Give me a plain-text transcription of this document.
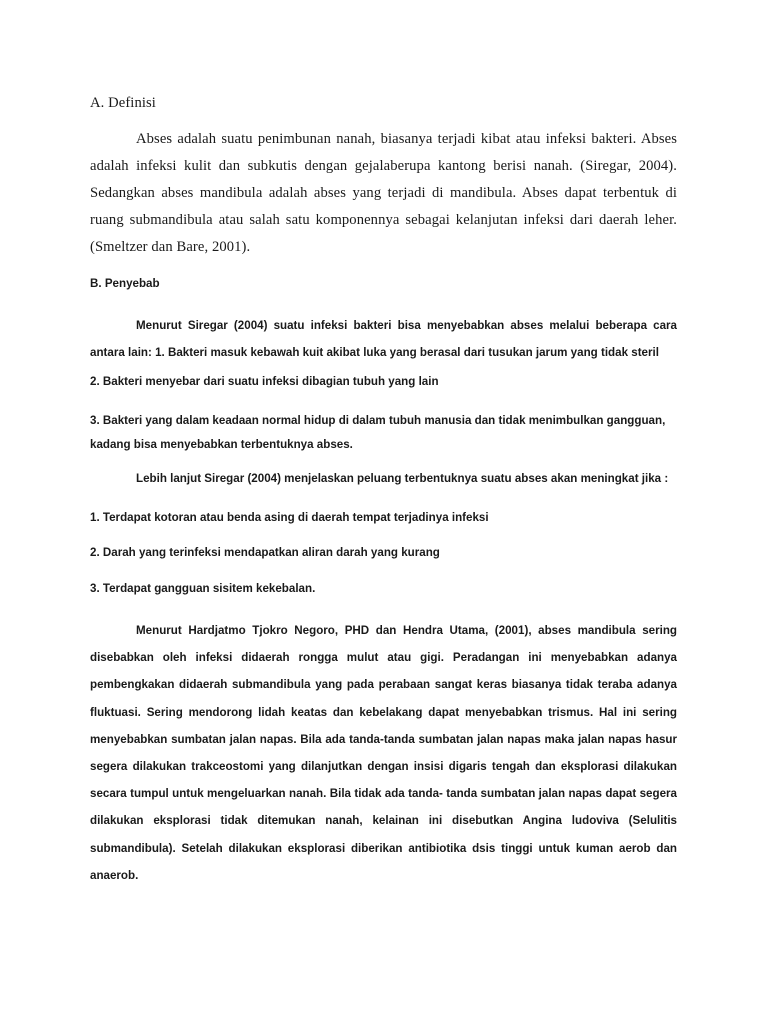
A. Definisi

Abses adalah suatu penimbunan nanah, biasanya terjadi kibat atau infeksi bakteri. Abses adalah infeksi kulit dan subkutis dengan gejalaberupa kantong berisi nanah. (Siregar, 2004). Sedangkan abses mandibula adalah abses yang terjadi di mandibula. Abses dapat terbentuk di ruang submandibula atau salah satu komponennya sebagai kelanjutan infeksi dari daerah leher. (Smeltzer dan Bare, 2001).

B. Penyebab

Menurut Siregar (2004) suatu infeksi bakteri bisa menyebabkan abses melalui beberapa cara antara lain: 1. Bakteri masuk kebawah kuit akibat luka yang berasal dari tusukan jarum yang tidak steril

2. Bakteri menyebar dari suatu infeksi dibagian tubuh yang lain

3. Bakteri yang dalam keadaan normal hidup di dalam tubuh manusia dan tidak menimbulkan gangguan, kadang bisa menyebabkan terbentuknya abses.

Lebih lanjut Siregar (2004) menjelaskan peluang terbentuknya suatu abses akan meningkat jika :

1. Terdapat kotoran atau benda asing di daerah tempat terjadinya infeksi

2. Darah yang terinfeksi mendapatkan aliran darah yang kurang

3. Terdapat gangguan sisitem kekebalan.

Menurut Hardjatmo Tjokro Negoro, PHD dan Hendra Utama, (2001), abses mandibula sering disebabkan oleh infeksi didaerah rongga mulut atau gigi. Peradangan ini menyebabkan adanya pembengkakan didaerah submandibula yang pada perabaan sangat keras biasanya tidak teraba adanya fluktuasi. Sering mendorong lidah keatas dan kebelakang dapat menyebabkan trismus. Hal ini sering menyebabkan sumbatan jalan napas. Bila ada tanda-tanda sumbatan jalan napas maka jalan napas hasur segera dilakukan trakceostomi yang dilanjutkan dengan insisi digaris tengah dan eksplorasi dilakukan secara tumpul untuk mengeluarkan nanah. Bila tidak ada tanda- tanda sumbatan jalan napas dapat segera dilakukan eksplorasi tidak ditemukan nanah, kelainan ini disebutkan Angina ludoviva (Selulitis submandibula). Setelah dilakukan eksplorasi diberikan antibiotika dsis tinggi untuk kuman aerob dan anaerob.
